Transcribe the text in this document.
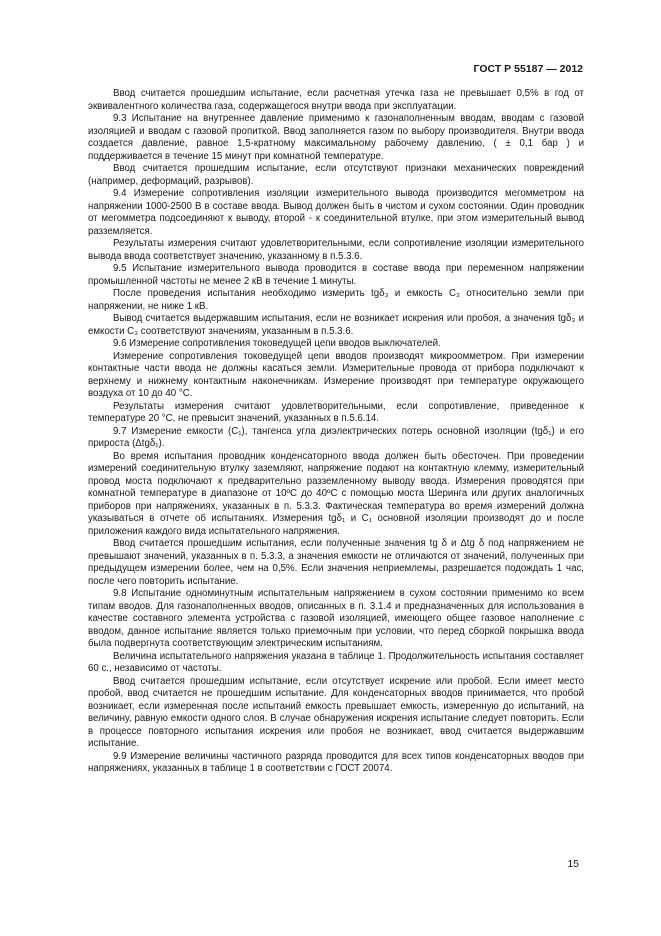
ГОСТ Р 55187 — 2012

Ввод считается прошедшим испытание, если расчетная утечка газа не превышает 0,5% в год от эквивалентного количества газа, содержащегося внутри ввода при эксплуатации.

9.3 Испытание на внутреннее давление применимо к газонаполненным вводам, вводам с газовой изоляцией и вводам с газовой пропиткой. Ввод заполняется газом по выбору производителя. Внутри ввода создается давление, равное 1,5-кратному максимальному рабочему давлению, ( ± 0,1 бар ) и поддерживается в течение 15 минут при комнатной температуре.

Ввод считается прошедшим испытание, если отсутствуют признаки механических повреждений (например, деформаций, разрывов).

9.4 Измерение сопротивления изоляции измерительного вывода производится мегомметром на напряжении 1000-2500 В в составе ввода. Вывод должен быть в чистом и сухом состоянии. Один проводник от мегомметра подсоединяют к выводу, второй - к соединительной втулке, при этом измерительный вывод разземляется.

Результаты измерения считают удовлетворительными, если сопротивление изоляции измерительного вывода ввода соответствует значению, указанному в п.5.3.6.

9.5 Испытание измерительного вывода проводится в составе ввода при переменном напряжении промышленной частоты не менее 2 кВ в течение 1 минуты.

После проведения испытания необходимо измерить tgδ₃ и емкость С₃ относительно земли при напряжении, не ниже 1 кВ.

Вывод считается выдержавшим испытания, если не возникает искрения или пробоя, а значения tgδ₃ и емкости С₃ соответствуют значениям, указанным в п.5.3.6.

9.6 Измерение сопротивления токоведущей цепи вводов выключателей.

Измерение сопротивления токоведущей цепи вводов производят микроомметром. При измерении контактные части ввода не должны касаться земли. Измерительные провода от прибора подключают к верхнему и нижнему контактным наконечникам. Измерение производят при температуре окружающего воздуха от 10 до 40 °С.

Результаты измерения считают удовлетворительными, если сопротивление, приведенное к температуре 20 °С, не превысит значений, указанных в п.5.6.14.

9.7 Измерение емкости (С₁), тангенса угла диэлектрических потерь основной изоляции (tgδ₁) и его прироста (Δtgδ₁).

Во время испытания проводник конденсаторного ввода должен быть обесточен. При проведении измерений соединительную втулку заземляют, напряжение подают на контактную клемму, измерительный провод моста подключают к предварительно разземленному выводу ввода. Измерения проводятся при комнатной температуре в диапазоне от 10ºС до 40ºС с помощью моста Шеринга или других аналогичных приборов при напряжениях, указанных в п. 5.3.3. Фактическая температура во время измерений должна указываться в отчете об испытаниях. Измерения tgδ₁ и С₁ основной изоляции производят до и после приложения каждого вида испытательного напряжения.

Ввод считается прошедшим испытания, если полученные значения tg δ и Δtg δ под напряжением не превышают значений, указанных в п. 5.3.3, а значения емкости не отличаются от значений, полученных при предыдущем измерении более, чем на 0,5%. Если значения неприемлемы, разрешается подождать 1 час, после чего повторить испытание.

9.8 Испытание одноминутным испытательным напряжением в сухом состоянии применимо ко всем типам вводов. Для газонаполненных вводов, описанных в п. 3.1.4 и предназначенных для использования в качестве составного элемента устройства с газовой изоляцией, имеющего общее газовое наполнение с вводом, данное испытание является только приемочным при условии, что перед сборкой покрышка ввода была подвергнута соответствующим электрическим испытаниям.

Величина испытательного напряжения указана в таблице 1. Продолжительность испытания составляет 60 с., независимо от частоты.

Ввод считается прошедшим испытание, если отсутствует искрение или пробой. Если имеет место пробой, ввод считается не прошедшим испытание. Для конденсаторных вводов принимается, что пробой возникает, если измеренная после испытаний емкость превышает емкость, измеренную до испытаний, на величину, равную емкости одного слоя. В случае обнаружения искрения испытание следует повторить. Если в процессе повторного испытания искрения или пробоя не возникает, ввод считается выдержавшим испытание.

9.9 Измерение величины частичного разряда проводится для всех типов конденсаторных вводов при напряжениях, указанных в таблице 1 в соответствии с ГОСТ 20074.

15
